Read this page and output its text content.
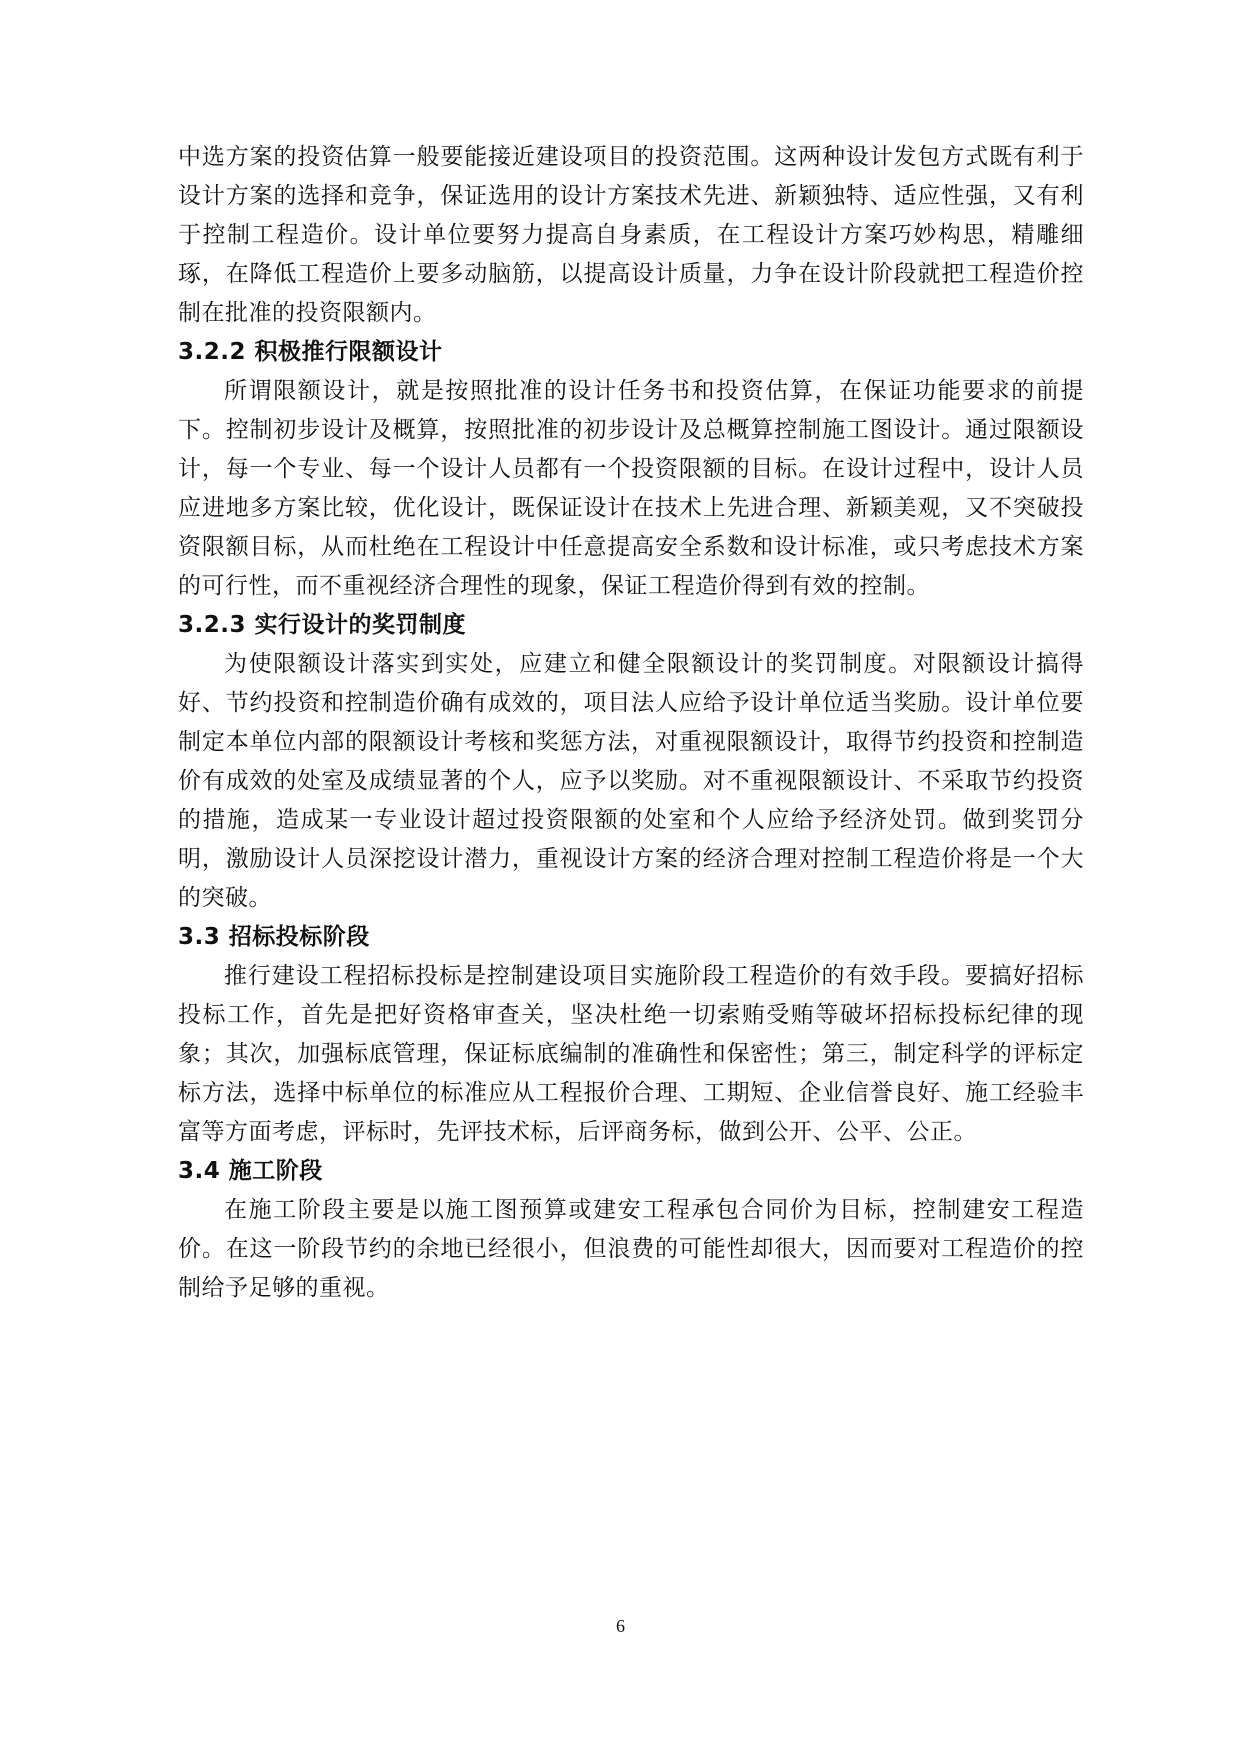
中选方案的投资估算一般要能接近建设项目的投资范围。这两种设计发包方式既有利于设计方案的选择和竞争，保证选用的设计方案技术先进、新颖独特、适应性强，又有利于控制工程造价。设计单位要努力提高自身素质，在工程设计方案巧妙构思，精雕细琢，在降低工程造价上要多动脑筋，以提高设计质量，力争在设计阶段就把工程造价控制在批准的投资限额内。

3.2.2 积极推行限额设计

所谓限额设计，就是按照批准的设计任务书和投资估算，在保证功能要求的前提下。控制初步设计及概算，按照批准的初步设计及总概算控制施工图设计。通过限额设计，每一个专业、每一个设计人员都有一个投资限额的目标。在设计过程中，设计人员应进地多方案比较，优化设计，既保证设计在技术上先进合理、新颖美观，又不突破投资限额目标，从而杜绝在工程设计中任意提高安全系数和设计标准，或只考虑技术方案的可行性，而不重视经济合理性的现象，保证工程造价得到有效的控制。

3.2.3 实行设计的奖罚制度

为使限额设计落实到实处，应建立和健全限额设计的奖罚制度。对限额设计搞得好、节约投资和控制造价确有成效的，项目法人应给予设计单位适当奖励。设计单位要制定本单位内部的限额设计考核和奖惩方法，对重视限额设计，取得节约投资和控制造价有成效的处室及成绩显著的个人，应予以奖励。对不重视限额设计、不采取节约投资的措施，造成某一专业设计超过投资限额的处室和个人应给予经济处罚。做到奖罚分明，激励设计人员深挖设计潜力，重视设计方案的经济合理对控制工程造价将是一个大的突破。

3.3 招标投标阶段

推行建设工程招标投标是控制建设项目实施阶段工程造价的有效手段。要搞好招标投标工作，首先是把好资格审查关，坚决杜绝一切索贿受贿等破坏招标投标纪律的现象；其次，加强标底管理，保证标底编制的准确性和保密性；第三，制定科学的评标定标方法，选择中标单位的标准应从工程报价合理、工期短、企业信誉良好、施工经验丰富等方面考虑，评标时，先评技术标，后评商务标，做到公开、公平、公正。

3.4 施工阶段

在施工阶段主要是以施工图预算或建安工程承包合同价为目标，控制建安工程造价。在这一阶段节约的余地已经很小，但浪费的可能性却很大，因而要对工程造价的控制给予足够的重视。

6
